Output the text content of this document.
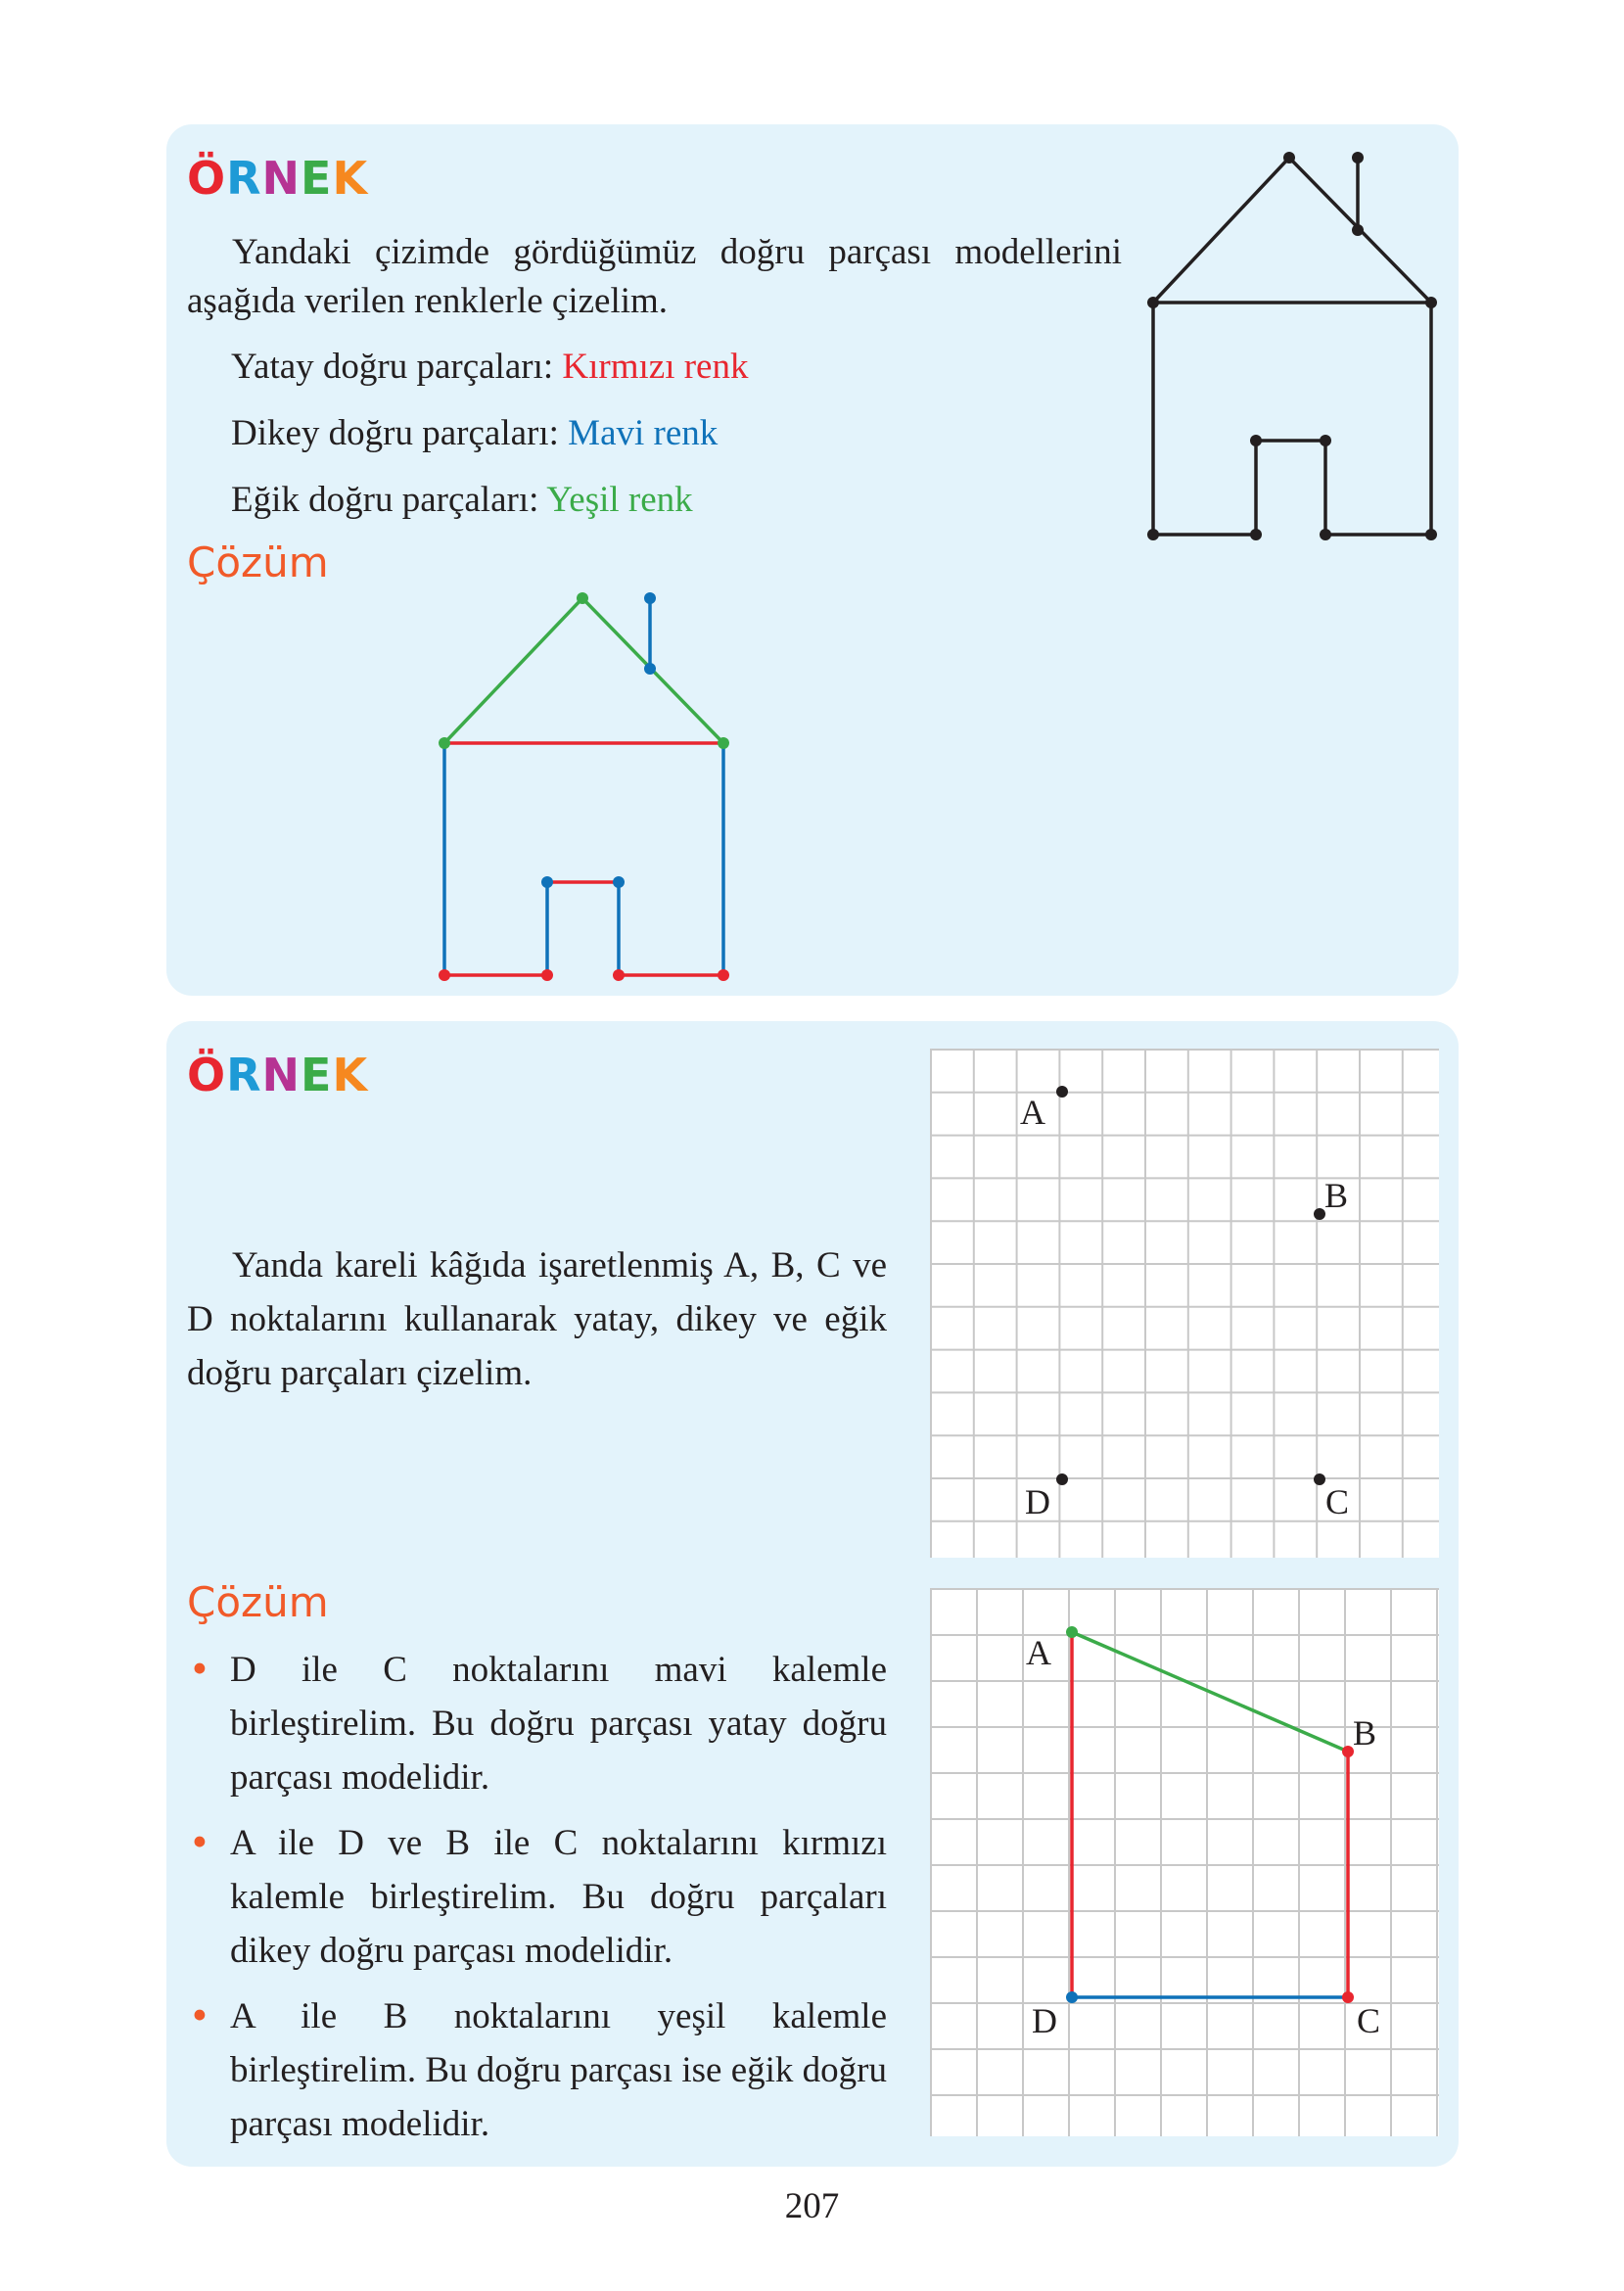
ÖRNEK
Yandaki çizimde gördüğümüz doğru parçası modellerini aşağıda verilen renklerle çizelim.
Yatay doğru parçaları: Kırmızı renk
Dikey doğru parçaları: Mavi renk
Eğik doğru parçaları: Yeşil renk
Çözüm
ÖRNEK
Yanda kareli kâğıda işaretlenmiş A, B, C ve D noktalarını kullanarak yatay, dikey ve eğik doğru parçaları çizelim.
Çözüm
• D ile C noktalarını mavi kalemle birleştirelim. Bu doğru parçası yatay doğru parçası modelidir.
• A ile D ve B ile C noktalarını kırmızı kalemle birleştirelim. Bu doğru parçaları dikey doğru parçası modelidir.
• A ile B noktalarını yeşil kalemle birleştirelim. Bu doğru parçası ise eğik doğru parçası modelidir.
A
B
C
D
A
B
C
D
207
